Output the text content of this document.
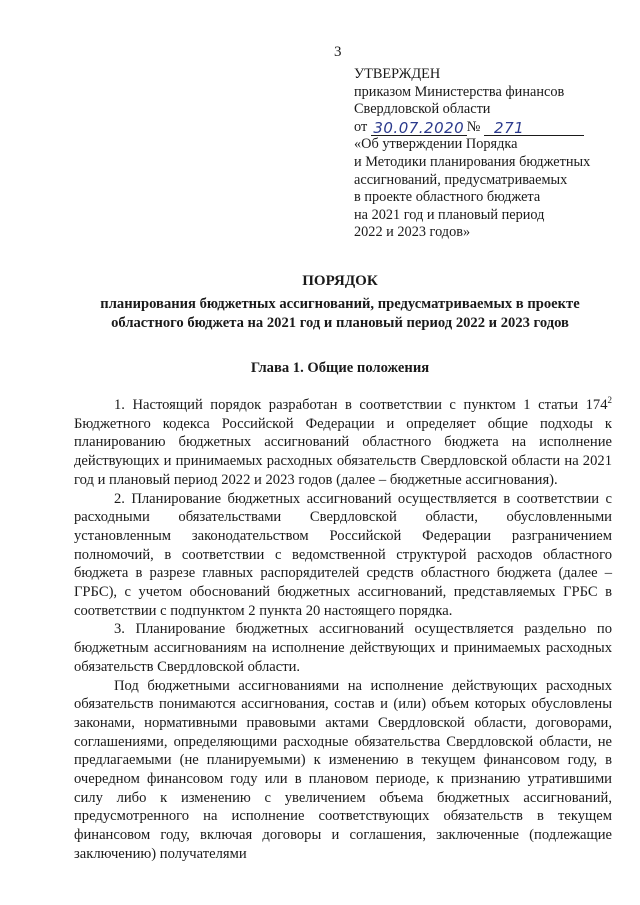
3
УТВЕРЖДЕН
приказом Министерства финансов
Свердловской области
от 30.07.2020 № 271
«Об утверждении Порядка
и Методики планирования бюджетных
ассигнований, предусматриваемых
в проекте областного бюджета
на 2021 год и плановый период
2022 и 2023 годов»
ПОРЯДОК
планирования бюджетных ассигнований, предусматриваемых в проекте
областного бюджета на 2021 год и плановый период 2022 и 2023 годов
Глава 1. Общие положения

1. Настоящий порядок разработан в соответствии с пунктом 1 статьи $174^2$ Бюджетного кодекса Российской Федерации и определяет общие подходы к планированию бюджетных ассигнований областного бюджета на исполнение действующих и принимаемых расходных обязательств Свердловской области на 2021 год и плановый период 2022 и 2023 годов (далее – бюджетные ассигнования).

2. Планирование бюджетных ассигнований осуществляется в соответствии с расходными обязательствами Свердловской области, обусловленными установленным законодательством Российской Федерации разграничением полномочий, в соответствии с ведомственной структурой расходов областного бюджета в разрезе главных распорядителей средств областного бюджета (далее – ГРБС), с учетом обоснований бюджетных ассигнований, представляемых ГРБС в соответствии с подпунктом 2 пункта 20 настоящего порядка.

3. Планирование бюджетных ассигнований осуществляется раздельно по бюджетным ассигнованиям на исполнение действующих и принимаемых расходных обязательств Свердловской области.

Под бюджетными ассигнованиями на исполнение действующих расходных обязательств понимаются ассигнования, состав и (или) объем которых обусловлены законами, нормативными правовыми актами Свердловской области, договорами, соглашениями, определяющими расходные обязательства Свердловской области, не предлагаемыми (не планируемыми) к изменению в текущем финансовом году, в очередном финансовом году или в плановом периоде, к признанию утратившими силу либо к изменению с увеличением объема бюджетных ассигнований, предусмотренного на исполнение соответствующих обязательств в текущем финансовом году, включая договоры и соглашения, заключенные (подлежащие заключению) получателями
